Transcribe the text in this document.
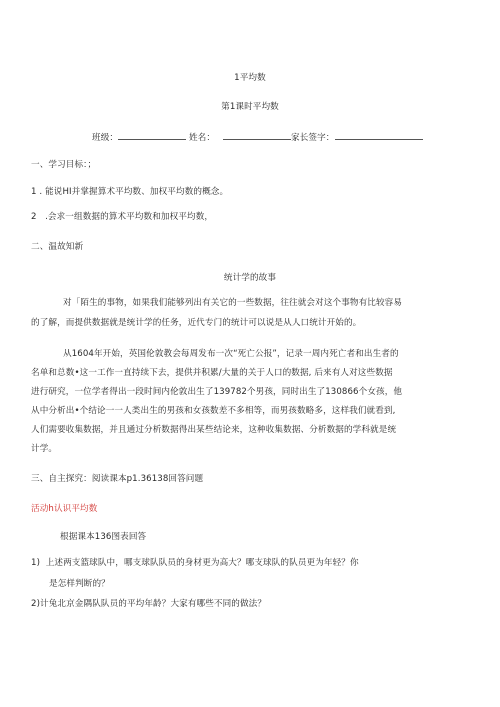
1平均数
第1课时平均数
班级：	姓名：	家长签字：
一、学习目标：；
1 . 能说HI并掌握算术平均数、加权平均数的概念。
2   .会求一组数据的算术平均数和加权平均数，
二、温故知新
统计学的故事
对「陌生的事物，如果我们能够列出有关它的一些数据，往往就会对这个事物有比较容易
的了解，而提供数据就是统计学的任务，近代专门的统计可以说是从人口统计开始的。
从1604年开始，英国伦敦教会每周发布一次“死亡公报”，记录一周内死亡者和出生者的
名单和总数•这一工作一直持续下去，提供并积累/大量的关于人口的数据, 后来有人对这些数据
进行研究，一位学者得出一段时间内伦敦出生了139782个男孩，同时出生了130866个女孩，他
从中分析出•个结论一一人类出生的男孩和女孩数差不多相等，而男孩数略多，这样我们就看到,
人们需要收集数据，并且通过分析数据得出某些结论来，这种收集数据、分析数据的学科就是统
计学。
三、自主探究：阅读课本p1.36138回答问题
活动h认识平均数
根据课本136图表回答
1) 上述两支篮球队中，哪支球队队员的身材更为高大？哪支球队的队员更为年轻？你
是怎样判断的？
2)计兔北京金隅队队员的平均年龄？大家有哪些不同的做法？
